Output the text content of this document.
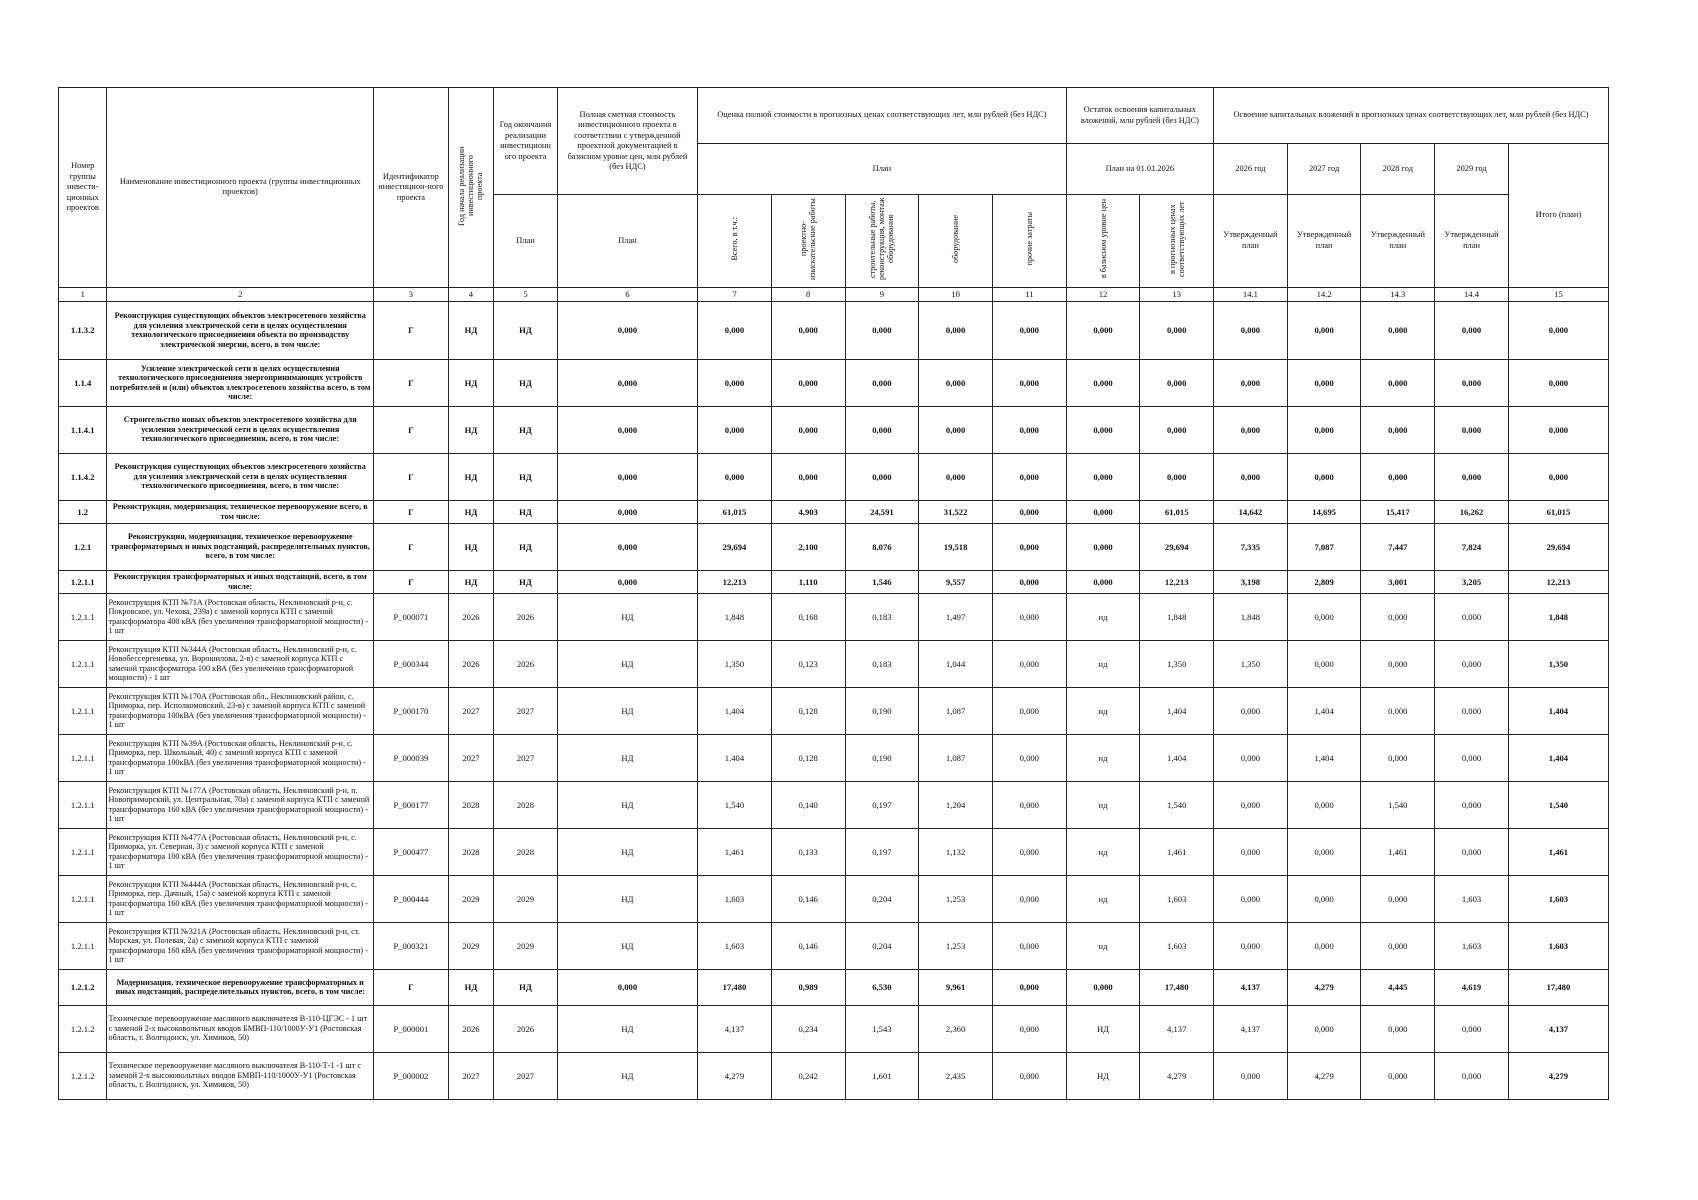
Номер группы инвести-ционных проектов	Наименование инвестиционного проекта (группы инвестиционных проектов)	Идентификатор инвестицион-ного проекта	Год начала реализации инвестиционного проекта	Год окончания реализации инвестиционн ого проекта	Полная сметная стоимость инвестиционного проекта в соответствии с утвержденной проектной документацией в базисном уровне цен, млн рублей (без НДС)	Оценка полной стоимости в прогнозных ценах соответствующих лет, млн рублей (без НДС)					Остаток освоения капитальных вложений, млн рублей (без НДС)		Освоение капитальных вложений в прогнозных ценах соответствующих лет, млн рублей (без НДС)				
						План					План на 01.01.2026		2026 год	2027 год	2028 год	2029 год	Итого (план)
				План	План	Всего, в т.ч.:	проектно-изыскательские работы	строительные работы, реконструкция, монтаж оборудования	оборудование	прочие затраты	в базисном уровне цен	в прогнозных ценах соответствующих лет	Утвержденный план	Утвержденный план	Утвержденный план	Утвержденный план	
1	2	3	4	5	6	7	8	9	10	11	12	13	14.1	14.2	14.3	14.4	15
1.1.3.2	Реконструкция существующих объектов электросетевого хозяйства для усиления электрической сети в целях осуществления технологического присоединения объекта по производству электрической энергии, всего, в том числе:	Г	НД	НД	0,000	0,000	0,000	0,000	0,000	0,000	0,000	0,000	0,000	0,000	0,000	0,000	0,000
1.1.4	Усиление электрической сети в целях осуществления технологического присоединения энергопринимающих устройств потребителей и (или) объектов электросетевого хозяйства всего, в том числе:	Г	НД	НД	0,000	0,000	0,000	0,000	0,000	0,000	0,000	0,000	0,000	0,000	0,000	0,000	0,000
1.1.4.1	Строительство новых объектов электросетевого хозяйства для усиления электрической сети в целях осуществления технологического присоединения, всего, в том числе:	Г	НД	НД	0,000	0,000	0,000	0,000	0,000	0,000	0,000	0,000	0,000	0,000	0,000	0,000	0,000
1.1.4.2	Реконструкция существующих объектов электросетевого хозяйства для усиления электрической сети в целях осуществления технологического присоединения, всего, в том числе:	Г	НД	НД	0,000	0,000	0,000	0,000	0,000	0,000	0,000	0,000	0,000	0,000	0,000	0,000	0,000
1.2	Реконструкция, модернизация, техническое перевооружение всего, в том числе:	Г	НД	НД	0,000	61,015	4,903	24,591	31,522	0,000	0,000	61,015	14,642	14,695	15,417	16,262	61,015
1.2.1	Реконструкция, модернизация, техническое перевооружение трансформаторных и иных подстанций, распределительных пунктов, всего, в том числе:	Г	НД	НД	0,000	29,694	2,100	8,076	19,518	0,000	0,000	29,694	7,335	7,087	7,447	7,824	29,694
1.2.1.1	Реконструкция трансформаторных и иных подстанций, всего, в том числе:	Г	НД	НД	0,000	12,213	1,110	1,546	9,557	0,000	0,000	12,213	3,198	2,809	3,001	3,205	12,213
1.2.1.1	Реконструкция КТП №71А (Ростовская область, Неклиновский р-н, с. Покровское, ул. Чехова, 239а) с заменой корпуса КТП с заменой трансформатора 400 кВА (без увеличения трансформаторной мощности) - 1 шт	P_000071	2026	2026	НД	1,848	0,168	0,183	1,497	0,000	нд	1,848	1,848	0,000	0,000	0,000	1,848
1.2.1.1	Реконструкция КТП №344А (Ростовская область, Неклиновский р-н, с. Новобессергеневка, ул. Ворошилова, 2-в) с заменой корпуса КТП с заменой трансформатора 100 кВА (без увеличения трансформаторной мощности) - 1 шт	P_000344	2026	2026	НД	1,350	0,123	0,183	1,044	0,000	нд	1,350	1,350	0,000	0,000	0,000	1,350
1.2.1.1	Реконструкция КТП №170А (Ростовская обл., Неклиновский район, с. Приморка, пер. Исполкомовский, 23-в) с заменой корпуса КТП с заменой трансформатора 100кВА (без увеличения трансформаторной мощности) - 1 шт	P_000170	2027	2027	НД	1,404	0,128	0,190	1,087	0,000	нд	1,404	0,000	1,404	0,000	0,000	1,404
1.2.1.1	Реконструкция КТП №39А (Ростовская область, Неклиновский р-н, с. Приморка, пер. Школьный, 40) с заменой корпуса КТП с заменой трансформатора 100кВА (без увеличения трансформаторной мощности) - 1 шт	P_000039	2027	2027	НД	1,404	0,128	0,190	1,087	0,000	нд	1,404	0,000	1,404	0,000	0,000	1,404
1.2.1.1	Реконструкция КТП №177А (Ростовская область, Неклиновский р-н, п. Новоприморский, ул. Центральная, 70а) с заменой корпуса КТП с заменой трансформатора 160 кВА (без увеличения трансформаторной мощности) - 1 шт	P_000177	2028	2028	НД	1,540	0,140	0,197	1,204	0,000	нд	1,540	0,000	0,000	1,540	0,000	1,540
1.2.1.1	Реконструкция КТП №477А (Ростовская область, Неклиновский р-н, с. Приморка, ул. Северная, 3) с заменой корпуса КТП с заменой трансформатора 100 кВА (без увеличения трансформаторной мощности) - 1 шт	P_000477	2028	2028	НД	1,461	0,133	0,197	1,132	0,000	нд	1,461	0,000	0,000	1,461	0,000	1,461
1.2.1.1	Реконструкция КТП №444А (Ростовская область, Неклиновский р-н, с. Приморка, пер. Дачный, 15а) с заменой корпуса КТП с заменой трансформатора 160 кВА (без увеличения трансформаторной мощности) - 1 шт	P_000444	2029	2029	НД	1,603	0,146	0,204	1,253	0,000	нд	1,603	0,000	0,000	0,000	1,603	1,603
1.2.1.1	Реконструкция КТП №321А (Ростовская область, Неклиновский р-н, ст. Морская, ул. Полевая, 2а) с заменой корпуса КТП с заменой трансформатора 160 кВА (без увеличения трансформаторной мощности) - 1 шт	P_000321	2029	2029	НД	1,603	0,146	0,204	1,253	0,000	нд	1,603	0,000	0,000	0,000	1,603	1,603
1.2.1.2	Модернизация, техническое перевооружение трансформаторных и иных подстанций, распределительных пунктов, всего, в том числе:	Г	НД	НД	0,000	17,480	0,989	6,530	9,961	0,000	0,000	17,480	4,137	4,279	4,445	4,619	17,480
1.2.1.2	Техническое перевооружение масляного выключателя В-110-ЦГЭС - 1 шт с заменой 2-х высоковольтных вводов БМВП-110/1000У-У1 (Ростовская область, г. Волгодонск, ул. Химиков, 50)	P_000001	2026	2026	НД	4,137	0,234	1,543	2,360	0,000	НД	4,137	4,137	0,000	0,000	0,000	4,137
1.2.1.2	Техническое перевооружение масляного выключателя В-110-Т-1 -1 шт с заменой 2-х высоковольтных вводов БМВП-110/1000У-У1 (Ростовская область, г. Волгодонск, ул. Химиков, 50)	P_000002	2027	2027	НД	4,279	0,242	1,601	2,435	0,000	НД	4,279	0,000	4,279	0,000	0,000	4,279
